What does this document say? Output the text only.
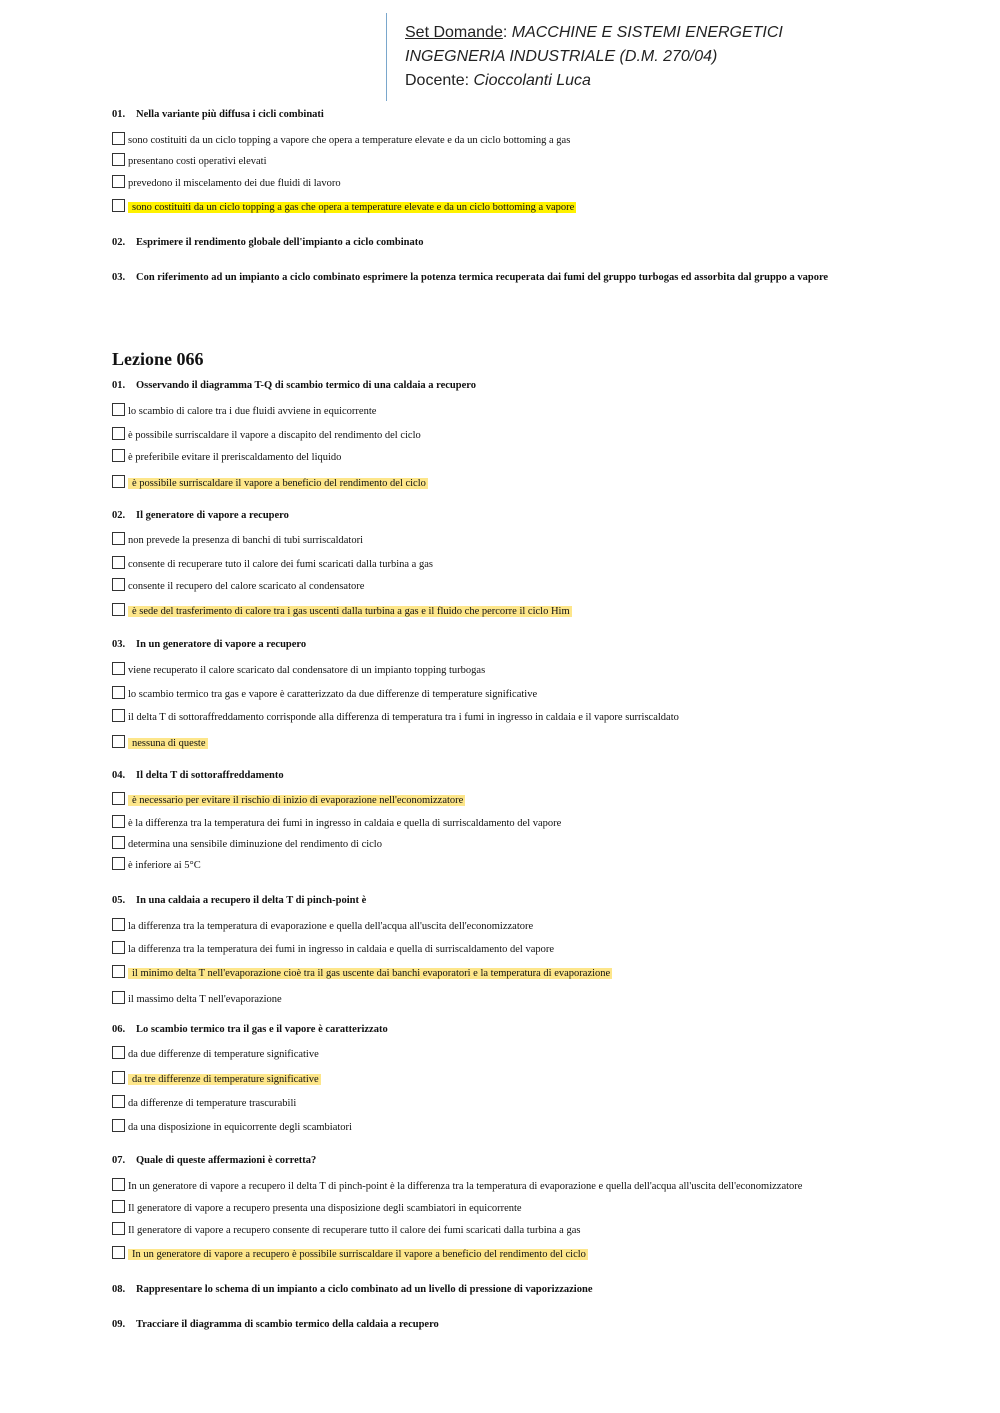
Set Domande: MACCHINE E SISTEMI ENERGETICI
INGEGNERIA INDUSTRIALE (D.M. 270/04)
Docente: Cioccolanti Luca
01. Nella variante più diffusa i cicli combinati
sono costituiti da un ciclo topping a vapore che opera a temperature elevate e da un ciclo bottoming a gas
presentano costi operativi elevati
prevedono il miscelamento dei due fluidi di lavoro
sono costituiti da un ciclo topping a gas che opera a temperature elevate e da un ciclo bottoming a vapore
02. Esprimere il rendimento globale dell'impianto a ciclo combinato
03. Con riferimento ad un impianto a ciclo combinato esprimere la potenza termica recuperata dai fumi del gruppo turbogas ed assorbita dal gruppo a vapore
Lezione 066
01. Osservando il diagramma T-Q di scambio termico di una caldaia a recupero
lo scambio di calore tra i due fluidi avviene in equicorrente
è possibile surriscaldare il vapore a discapito del rendimento del ciclo
è preferibile evitare il preriscaldamento del liquido
è possibile surriscaldare il vapore a beneficio del rendimento del ciclo
02. Il generatore di vapore a recupero
non prevede la presenza di banchi di tubi surriscaldatori
consente di recuperare tuto il calore dei fumi scaricati dalla turbina a gas
consente il recupero del calore scaricato al condensatore
è sede del trasferimento di calore tra i gas uscenti dalla turbina a gas e il fluido che percorre il ciclo Him
03. In un generatore di vapore a recupero
viene recuperato il calore scaricato dal condensatore di un impianto topping turbogas
lo scambio termico tra gas e vapore è caratterizzato da due differenze di temperature significative
il delta T di sottoraffreddamento corrisponde alla differenza di temperatura tra i fumi in ingresso in caldaia e il vapore surriscaldato
nessuna di queste
04. Il delta T di sottoraffreddamento
è necessario per evitare il rischio di inizio di evaporazione nell'economizzatore
è la differenza tra la temperatura dei fumi in ingresso in caldaia e quella di surriscaldamento del vapore
determina una sensibile diminuzione del rendimento di ciclo
è inferiore ai 5°C
05. In una caldaia a recupero il delta T di pinch-point è
la differenza tra la temperatura di evaporazione e quella dell'acqua all'uscita dell'economizzatore
la differenza tra la temperatura dei fumi in ingresso in caldaia e quella di surriscaldamento del vapore
il minimo delta T nell'evaporazione cioè tra il gas uscente dai banchi evaporatori e la temperatura di evaporazione
il massimo delta T nell'evaporazione
06. Lo scambio termico tra il gas e il vapore è caratterizzato
da due differenze di temperature significative
da tre differenze di temperature significative
da differenze di temperature trascurabili
da una disposizione in equicorrente degli scambiatori
07. Quale di queste affermazioni è corretta?
In un generatore di vapore a recupero il delta T di pinch-point è la differenza tra la temperatura di evaporazione e quella dell'acqua all'uscita dell'economizzatore
Il generatore di vapore a recupero presenta una disposizione degli scambiatori in equicorrente
Il generatore di vapore a recupero consente di recuperare tutto il calore dei fumi scaricati dalla turbina a gas
In un generatore di vapore a recupero è possibile surriscaldare il vapore a beneficio del rendimento del ciclo
08. Rappresentare lo schema di un impianto a ciclo combinato ad un livello di pressione di vaporizzazione
09. Tracciare il diagramma di scambio termico della caldaia a recupero
